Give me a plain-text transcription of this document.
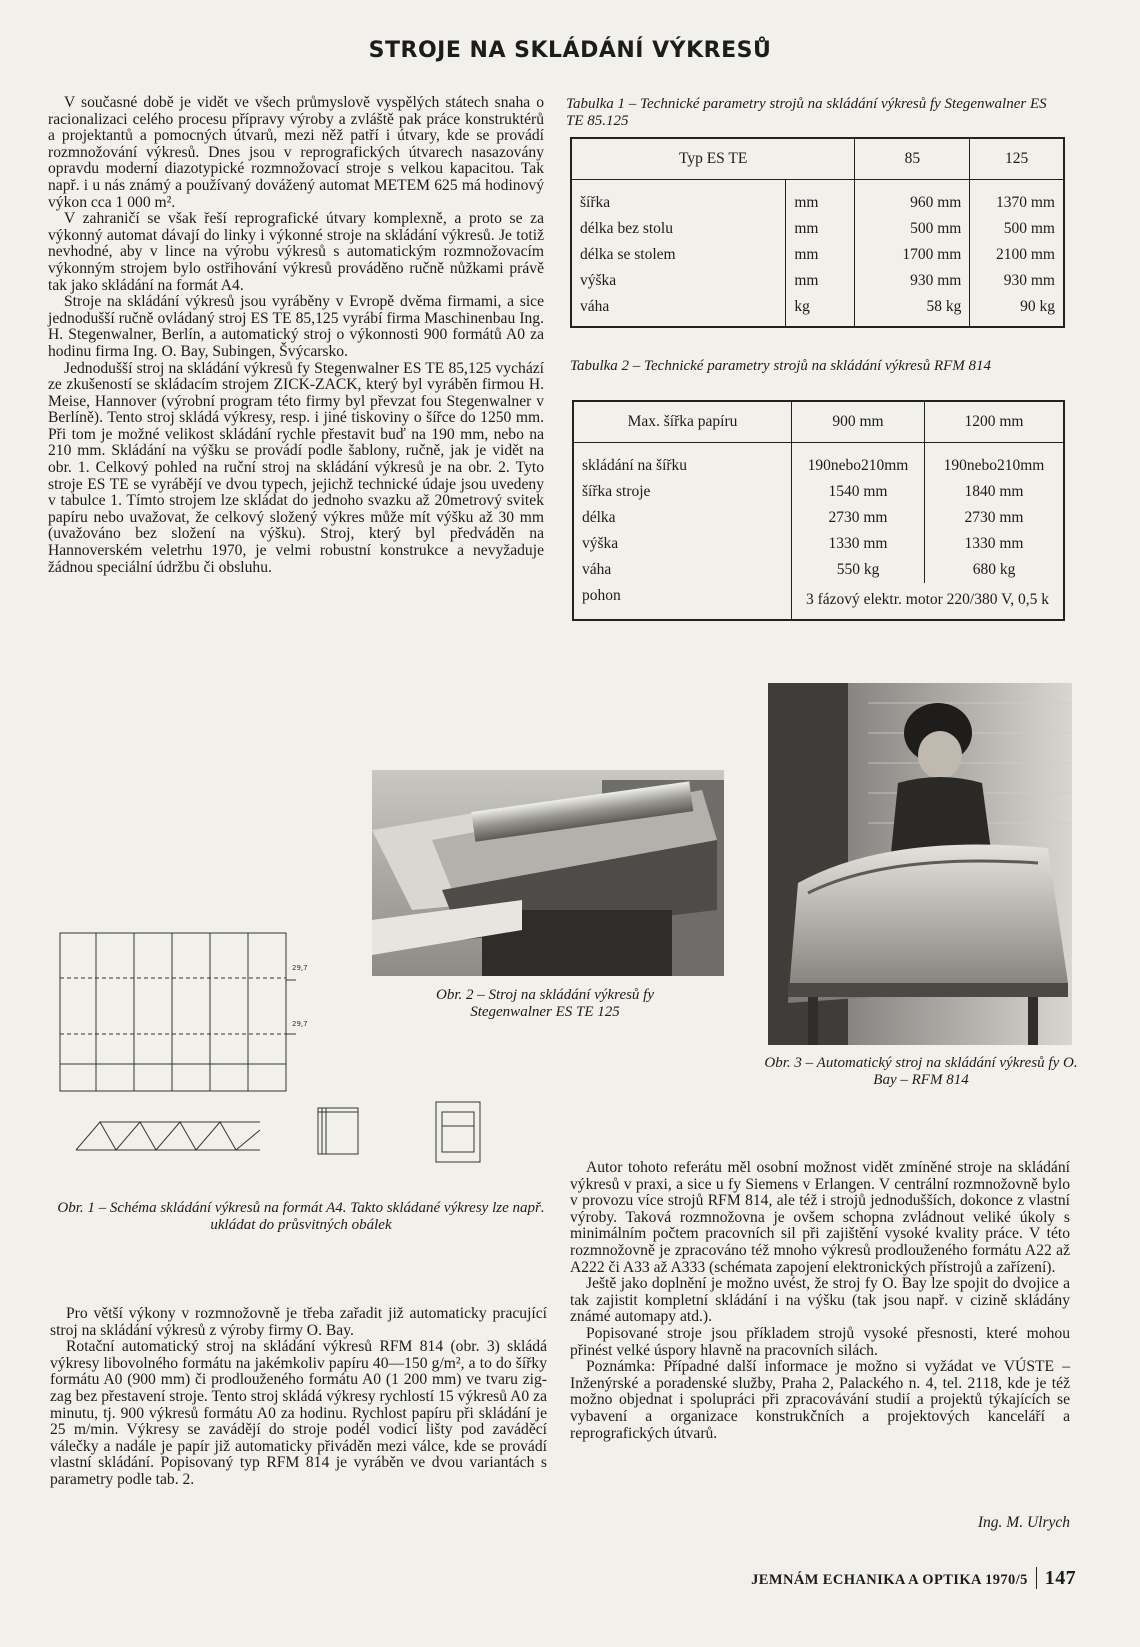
STROJE NA SKLÁDÁNÍ VÝKRESŮ

V současné době je vidět ve všech průmyslově vyspělých státech snaha o racionalizaci celého procesu přípravy výroby a zvláště pak práce konstruktérů a projektantů a pomocných útvarů, mezi něž patří i útvary, kde se provádí rozmnožování výkresů. Dnes jsou v reprografických útvarech nasazovány opravdu moderní diazotypické rozmnožovací stroje s velkou kapacitou. Tak např. i u nás známý a používaný dovážený automat METEM 625 má hodinový výkon cca 1 000 m².

V zahraničí se však řeší reprografické útvary komplexně, a proto se za výkonný automat dávají do linky i výkonné stroje na skládání výkresů. Je totiž nevhodné, aby v lince na výrobu výkresů s automatickým rozmnožovacím výkonným strojem bylo ostřihování výkresů prováděno ručně nůžkami právě tak jako skládání na formát A4.

Stroje na skládání výkresů jsou vyráběny v Evropě dvěma firmami, a sice jednodušší ručně ovládaný stroj ES TE 85,125 vyrábí firma Maschinenbau Ing. H. Stegenwalner, Berlín, a automatický stroj o výkonnosti 900 formátů A0 za hodinu firma Ing. O. Bay, Subingen, Švýcarsko.

Jednodušší stroj na skládání výkresů fy Stegenwalner ES TE 85,125 vychází ze zkušeností se skládacím strojem ZICK-ZACK, který byl vyráběn firmou H. Meise, Hannover (výrobní program této firmy byl převzat fou Stegenwalner v Berlíně). Tento stroj skládá výkresy, resp. i jiné tiskoviny o šířce do 1250 mm. Při tom je možné velikost skládání rychle přestavit buď na 190 mm, nebo na 210 mm. Skládání na výšku se provádí podle šablony, ručně, jak je vidět na obr. 1. Celkový pohled na ruční stroj na skládání výkresů je na obr. 2. Tyto stroje ES TE se vyrábějí ve dvou typech, jejichž technické údaje jsou uvedeny v tabulce 1. Tímto strojem lze skládat do jednoho svazku až 20metrový svitek papíru nebo uvažovat, že celkový složený výkres může mít výšku až 30 mm (uvažováno bez složení na výšku). Stroj, který byl předváděn na Hannoverském veletrhu 1970, je velmi robustní konstrukce a nevyžaduje žádnou speciální údržbu či obsluhu.

Tabulka 1 – Technické parametry strojů na skládání výkresů fy Stegenwalner ES TE 85.125
Typ ES TE		85	125
šířka	mm	960 mm	1370 mm
délka bez stolu	mm	500 mm	500 mm
délka se stolem	mm	1700 mm	2100 mm
výška	mm	930 mm	930 mm
váha	kg	58 kg	90 kg
Tabulka 2 – Technické parametry strojů na skládání výkresů RFM 814
Max. šířka papíru	900 mm	1200 mm
skládání na šířku	190nebo210mm	190nebo210mm
šířka stroje	1540 mm	1840 mm
délka	2730 mm	2730 mm
výška	1330 mm	1330 mm
váha	550 kg	680 kg
pohon	3 fázový elektr. motor 220/380 V, 0,5 k	
Obr. 2 – Stroj na skládání výkresů fy Stegenwalner ES TE 125
Obr. 3 – Automatický stroj na skládání výkresů fy O. Bay – RFM 814
29,7
29,7
Obr. 1 – Schéma skládání výkresů na formát A4. Takto skládané výkresy lze např. ukládat do průsvitných obálek

Pro větší výkony v rozmnožovně je třeba zařadit již automaticky pracující stroj na skládání výkresů z výroby firmy O. Bay.

Rotační automatický stroj na skládání výkresů RFM 814 (obr. 3) skládá výkresy libovolného formátu na jakémkoliv papíru 40—150 g/m², a to do šířky formátu A0 (900 mm) či prodlouženého formátu A0 (1 200 mm) ve tvaru zig-zag bez přestavení stroje. Tento stroj skládá výkresy rychlostí 15 výkresů A0 za minutu, tj. 900 výkresů formátu A0 za hodinu. Rychlost papíru při skládání je 25 m/min. Výkresy se zavádějí do stroje podél vodicí lišty pod zaváděcí válečky a nadále je papír již automaticky přiváděn mezi válce, kde se provádí vlastní skládání. Popisovaný typ RFM 814 je vyráběn ve dvou variantách s parametry podle tab. 2.

Autor tohoto referátu měl osobní možnost vidět zmíněné stroje na skládání výkresů v praxi, a sice u fy Siemens v Erlangen. V centrální rozmnožovně bylo v provozu více strojů RFM 814, ale též i strojů jednodušších, dokonce z vlastní výroby. Taková rozmnožovna je ovšem schopna zvládnout veliké úkoly s minimálním počtem pracovních sil při zajištění vysoké kvality práce. V této rozmnožovně je zpracováno též mnoho výkresů prodlouženého formátu A22 až A222 či A33 až A333 (schémata zapojení elektronických přístrojů a zařízení).

Ještě jako doplnění je možno uvést, že stroj fy O. Bay lze spojit do dvojice a tak zajistit kompletní skládání i na výšku (tak jsou např. v cizině skládány známé automapy atd.).

Popisované stroje jsou příkladem strojů vysoké přesnosti, které mohou přinést velké úspory hlavně na pracovních silách.

Poznámka: Případné další informace je možno si vyžádat ve VÚSTE – Inženýrské a poradenské služby, Praha 2, Palackého n. 4, tel. 2118, kde je též možno objednat i spolupráci při zpracovávání studií a projektů týkajících se vybavení a organizace konstrukčních a projektových kanceláří a reprografických útvarů.

Ing. M. Ulrych
JEMNÁM ECHANIKA A OPTIKA 1970/5 147
